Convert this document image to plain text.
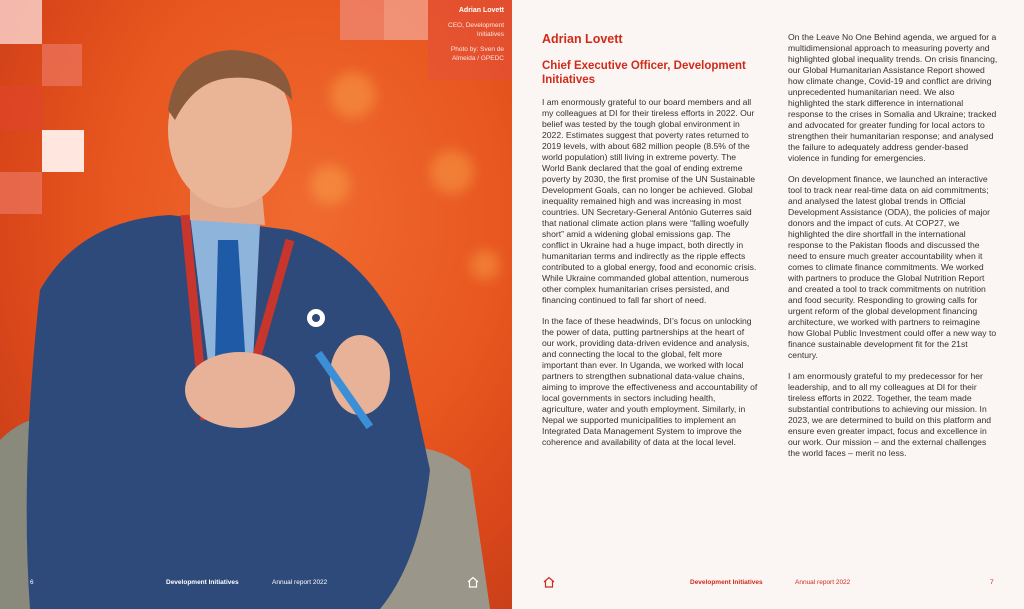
Adrian Lovett
CEO, Development Initiatives
Photo by: Sven de Almeida / GPEDC
6	Development Initiatives	Annual report 2022
Adrian Lovett
Chief Executive Officer, Development Initiatives

I am enormously grateful to our board members and all my colleagues at DI for their tireless efforts in 2022. Our belief was tested by the tough global environment in 2022. Estimates suggest that poverty rates returned to 2019 levels, with about 682 million people (8.5% of the world population) still living in extreme poverty. The World Bank declared that the goal of ending extreme poverty by 2030, the first promise of the UN Sustainable Development Goals, can no longer be achieved. Global inequality remained high and was increasing in most countries. UN Secretary-General António Guterres said that national climate action plans were “falling woefully short” amid a widening global emissions gap. The conflict in Ukraine had a huge impact, both directly in humanitarian terms and indirectly as the ripple effects contributed to a global energy, food and economic crisis. While Ukraine commanded global attention, numerous other complex humanitarian crises persisted, and financing continued to fall far short of need.

In the face of these headwinds, DI’s focus on unlocking the power of data, putting partnerships at the heart of our work, providing data-driven evidence and analysis, and connecting the local to the global, felt more important than ever. In Uganda, we worked with local partners to strengthen subnational data-value chains, aiming to improve the effectiveness and accountability of local governments in sectors including health, agriculture, water and youth employment. Similarly, in Nepal we supported municipalities to implement an Integrated Data Management System to improve the coherence and availability of data at the local level.

On the Leave No One Behind agenda, we argued for a multidimensional approach to measuring poverty and highlighted global inequality trends. On crisis financing, our Global Humanitarian Assistance Report showed how climate change, Covid-19 and conflict are driving unprecedented humanitarian need. We also highlighted the stark difference in international response to the crises in Somalia and Ukraine; tracked and advocated for greater funding for local actors to strengthen their humanitarian response; and analysed the failure to adequately address gender-based violence in funding for emergencies.

On development finance, we launched an interactive tool to track near real-time data on aid commitments; and analysed the latest global trends in Official Development Assistance (ODA), the policies of major donors and the impact of cuts. At COP27, we highlighted the dire shortfall in the international response to the Pakistan floods and discussed the need to ensure much greater accountability when it comes to climate finance commitments. We worked with partners to produce the Global Nutrition Report and created a tool to track commitments on nutrition and food security. Responding to growing calls for urgent reform of the global development financing architecture, we worked with partners to reimagine how Global Public Investment could offer a new way to finance sustainable development fit for the 21st century.

I am enormously grateful to my predecessor for her leadership, and to all my colleagues at DI for their tireless efforts in 2022. Together, the team made substantial contributions to achieving our mission. In 2023, we are determined to build on this platform and ensure even greater impact, focus and excellence in our work. Our mission – and the external challenges the world faces – merit no less.

Development Initiatives	Annual report 2022	7
